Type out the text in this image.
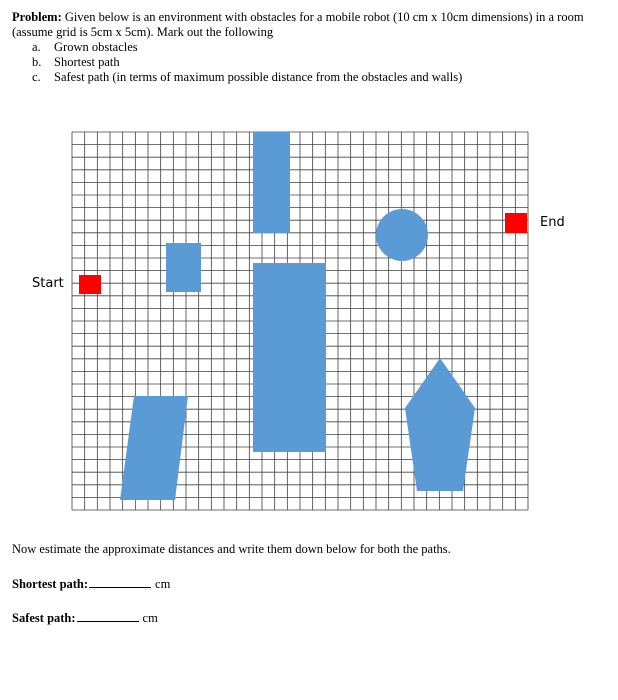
Problem: Given below is an environment with obstacles for a mobile robot (10 cm x 10cm dimensions) in a room (assume grid is 5cm x 5cm). Mark out the following
a.	Grown obstacles
b.	Shortest path
c.	Safest path (in terms of maximum possible distance from the obstacles and walls)
Start
End
Now estimate the approximate distances and write them down below for both the paths.
Shortest path:	cm
Safest path:	cm
